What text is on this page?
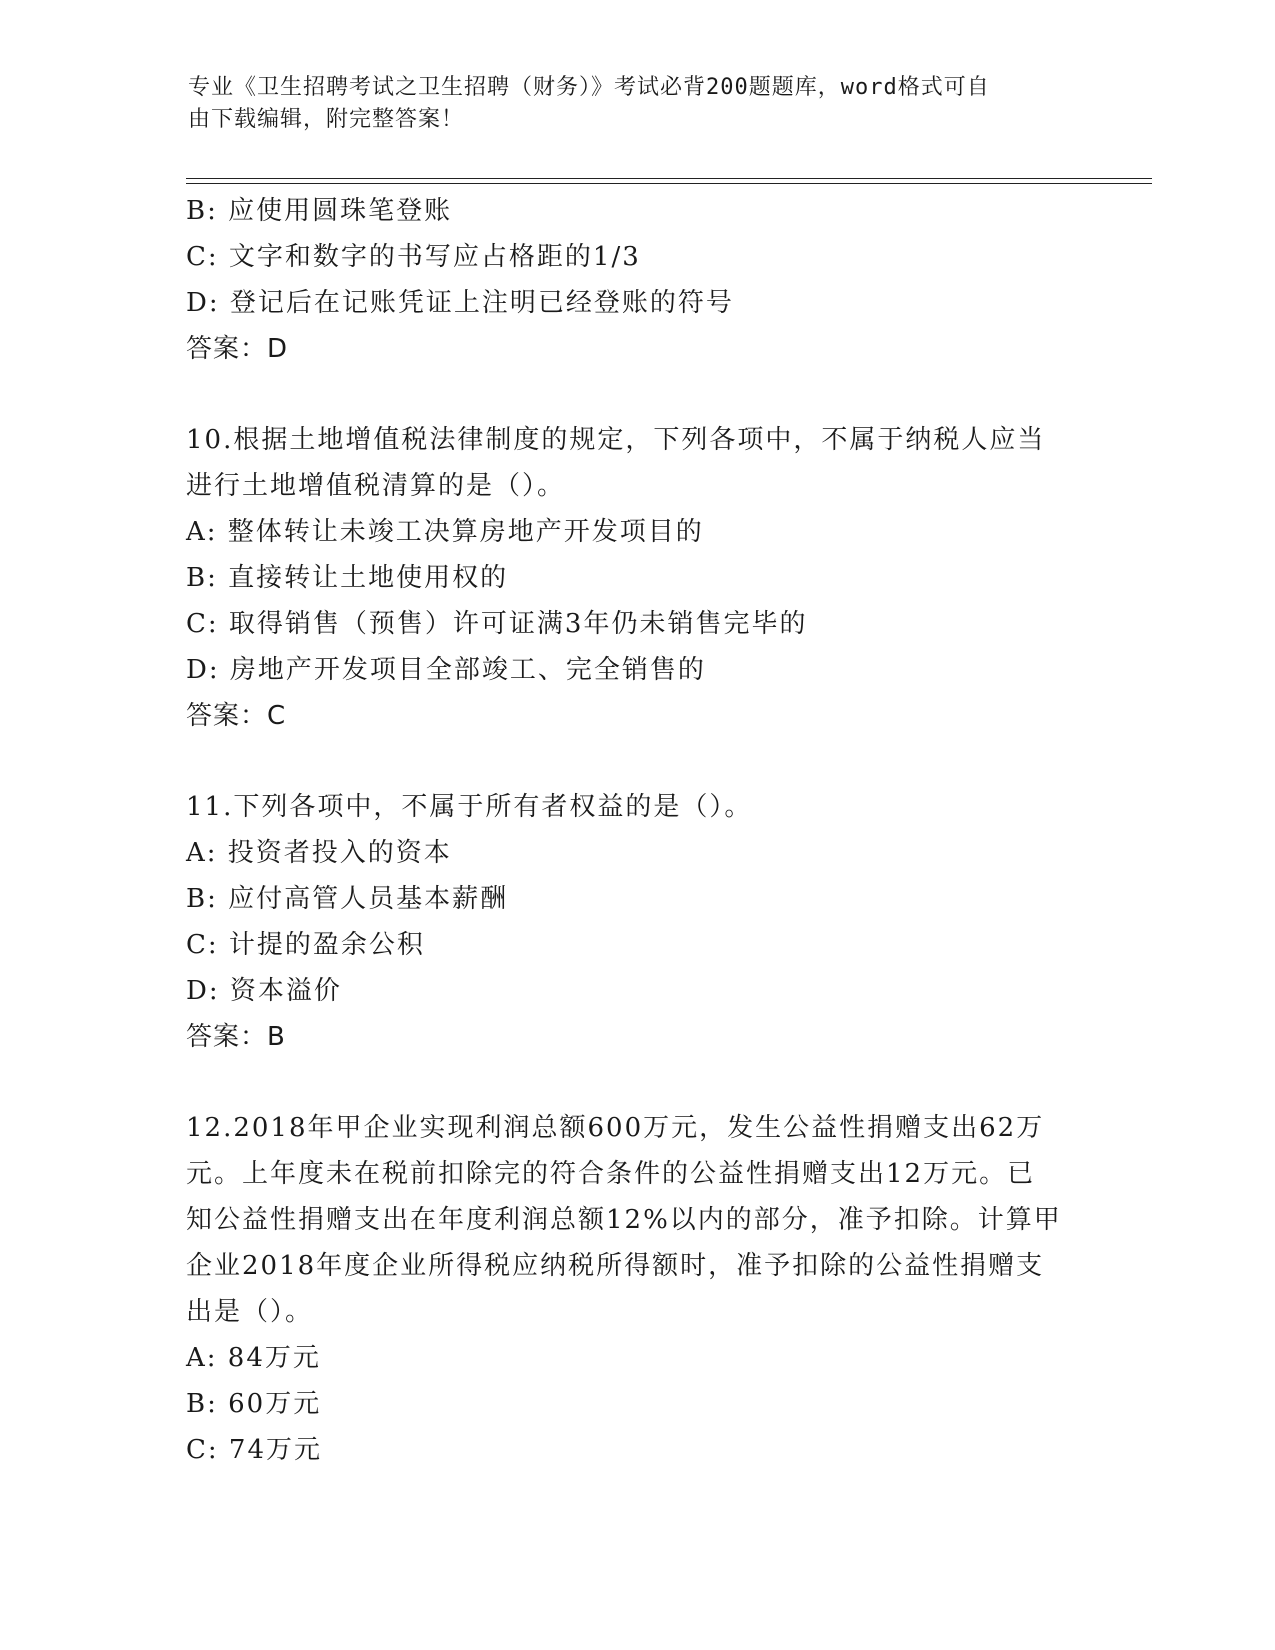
专业《卫生招聘考试之卫生招聘（财务）》考试必背200题题库，word格式可自
由下载编辑，附完整答案！
B: 应使用圆珠笔登账
C: 文字和数字的书写应占格距的1/3
D: 登记后在记账凭证上注明已经登账的符号
答案：D
10.根据土地增值税法律制度的规定，下列各项中，不属于纳税人应当
进行土地增值税清算的是（）。
A: 整体转让未竣工决算房地产开发项目的
B: 直接转让土地使用权的
C: 取得销售（预售）许可证满3年仍未销售完毕的
D: 房地产开发项目全部竣工、完全销售的
答案：C
11.下列各项中，不属于所有者权益的是（）。
A: 投资者投入的资本
B: 应付高管人员基本薪酬
C: 计提的盈余公积
D: 资本溢价
答案：B
12.2018年甲企业实现利润总额600万元，发生公益性捐赠支出62万
元。上年度未在税前扣除完的符合条件的公益性捐赠支出12万元。已
知公益性捐赠支出在年度利润总额12%以内的部分，准予扣除。计算甲
企业2018年度企业所得税应纳税所得额时，准予扣除的公益性捐赠支
出是（）。
A: 84万元
B: 60万元
C: 74万元
